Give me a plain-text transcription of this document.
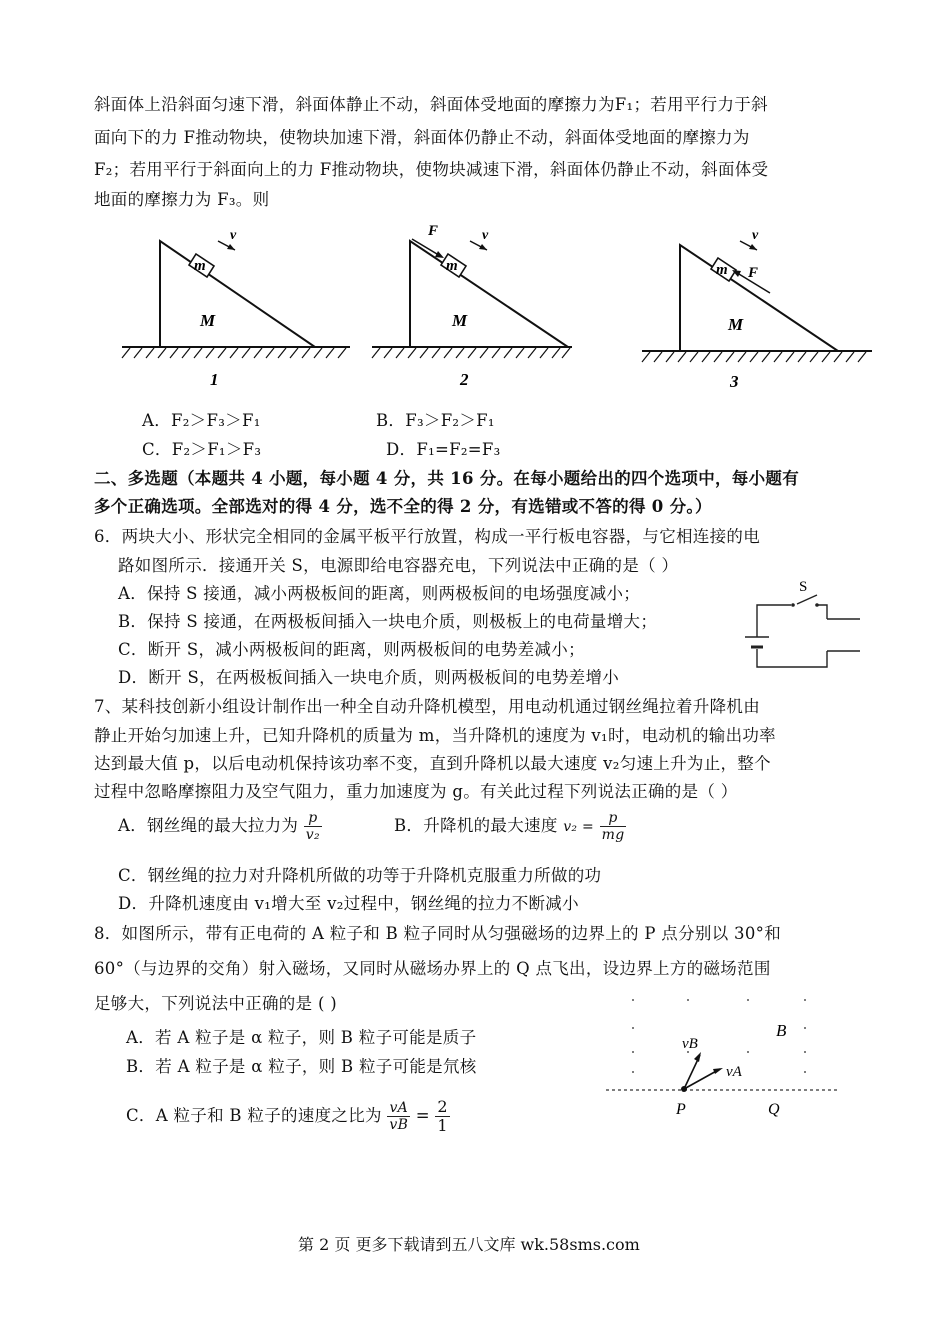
斜面体上沿斜面匀速下滑，斜面体静止不动，斜面体受地面的摩擦力为F₁；若用平行力于斜
面向下的力 F推动物块，使物块加速下滑，斜面体仍静止不动，斜面体受地面的摩擦力为
F₂；若用平行于斜面向上的力 F推动物块，使物块减速下滑，斜面体仍静止不动，斜面体受
地面的摩擦力为 F₃。则
m
M
v
1
m
M
F	v
2
m
M
F
v
3
A．F₂＞F₃＞F₁	B．F₃＞F₂＞F₁
C．F₂＞F₁＞F₃	D．F₁=F₂=F₃
二、多选题（本题共 4 小题，每小题 4 分，共 16 分。在每小题给出的四个选项中，每小题有
多个正确选项。全部选对的得 4 分，选不全的得 2 分，有选错或不答的得 0 分。）
6．两块大小、形状完全相同的金属平板平行放置，构成一平行板电容器，与它相连接的电
路如图所示．接通开关 S，电源即给电容器充电，下列说法中正确的是（ ）
A．保持 S 接通，减小两极板间的距离，则两极板间的电场强度减小；
B．保持 S 接通，在两极板间插入一块电介质，则极板上的电荷量增大；
C．断开 S，减小两极板间的距离，则两极板间的电势差减小；
D．断开 S，在两极板间插入一块电介质，则两极板间的电势差增小
S
7、某科技创新小组设计制作出一种全自动升降机模型，用电动机通过钢丝绳拉着升降机由
静止开始匀加速上升，已知升降机的质量为 m，当升降机的速度为 v₁时，电动机的输出功率
达到最大值 p，以后电动机保持该功率不变，直到升降机以最大速度 v₂匀速上升为止，整个
过程中忽略摩擦阻力及空气阻力，重力加速度为 g。有关此过程下列说法正确的是（ ）
A．钢丝绳的最大拉力为 $\frac{p}{\text{v₂}}$	B．升降机的最大速度 $v_2 = \frac{p}{mg}$
C．钢丝绳的拉力对升降机所做的功等于升降机克服重力所做的功
D．升降机速度由 v₁增大至 v₂过程中，钢丝绳的拉力不断减小
8．如图所示，带有正电荷的 A 粒子和 B 粒子同时从匀强磁场的边界上的 P 点分别以 30°和
60°（与边界的交角）射入磁场，又同时从磁场办界上的 Q 点飞出，设边界上方的磁场范围
足够大，下列说法中正确的是 ( )
A．若 A 粒子是 α 粒子，则 B 粒子可能是质子
B．若 A 粒子是 α 粒子，则 B 粒子可能是氘核
C．A 粒子和 B 粒子的速度之比为 $\frac{vA}{vB} = \frac{2}{1}$
B
vB
vA
P	Q
第 2 页 更多下载请到五八文库 wk.58sms.com
